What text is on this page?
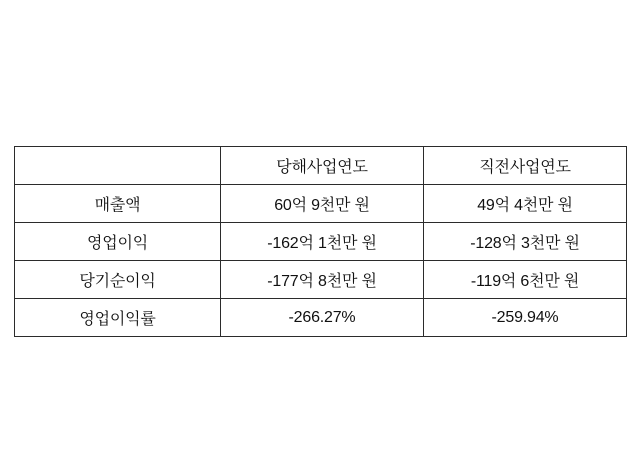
	당해사업연도	직전사업연도
매출액	60억 9천만 원	49억 4천만 원
영업이익	-162억 1천만 원	-128억 3천만 원
당기순이익	-177억 8천만 원	-119억 6천만 원
영업이익률	-266.27%	-259.94%
